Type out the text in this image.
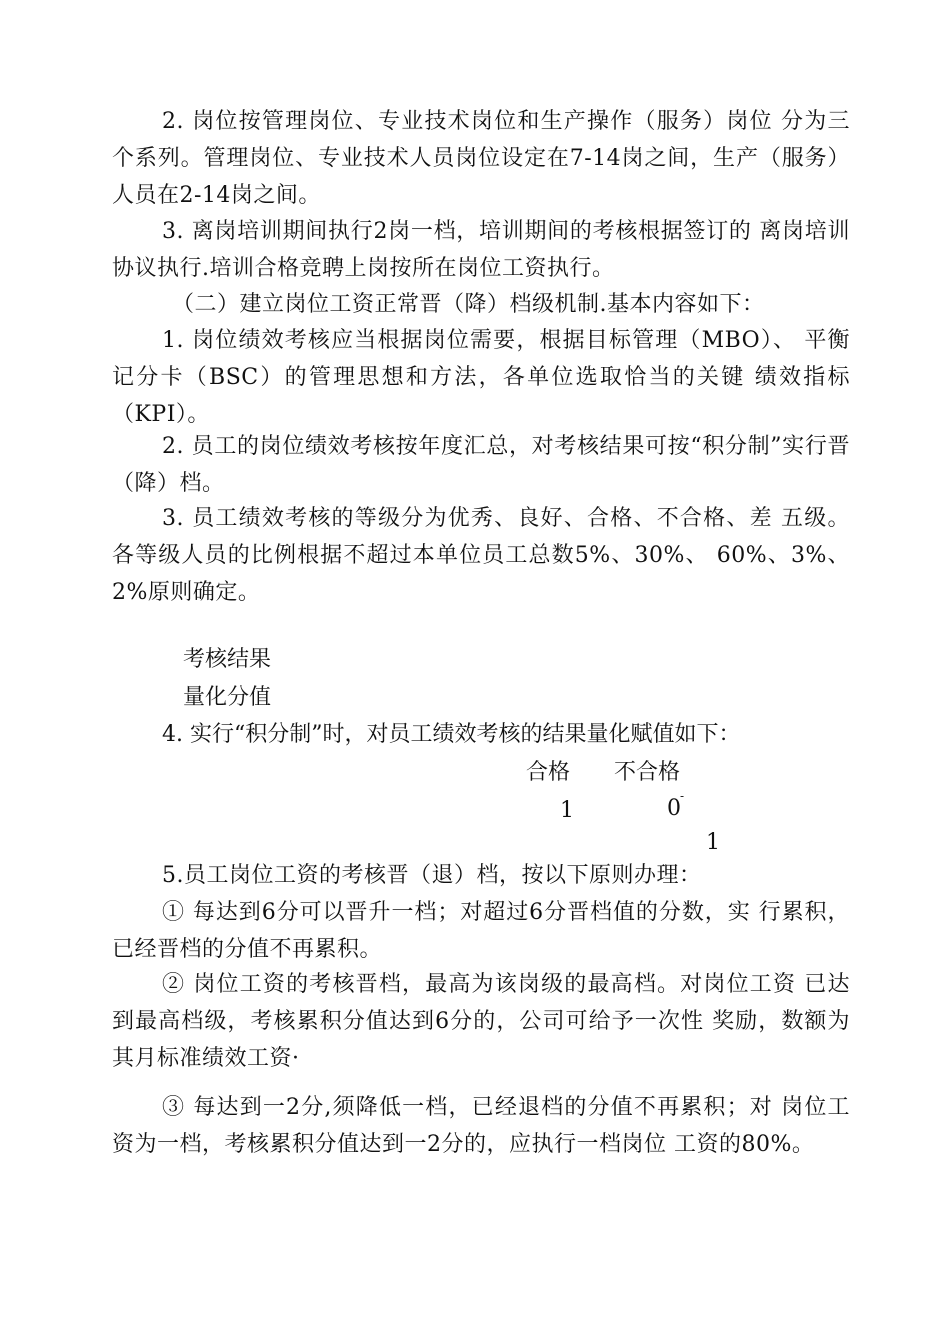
2. 岗位按管理岗位、专业技术岗位和生产操作（服务）岗位 分为三个系列。管理岗位、专业技术人员岗位设定在7-14岗之间，生产（服务）人员在2-14岗之间。

3. 离岗培训期间执行2岗一档，培训期间的考核根据签订的 离岗培训协议执行.培训合格竞聘上岗按所在岗位工资执行。

（二）建立岗位工资正常晋（降）档级机制.基本内容如下：

1. 岗位绩效考核应当根据岗位需要，根据目标管理（MBO）、 平衡记分卡（BSC）的管理思想和方法，各单位选取恰当的关键 绩效指标（KPI）。

2. 员工的岗位绩效考核按年度汇总，对考核结果可按“积分制”实行晋（降）档。

3. 员工绩效考核的等级分为优秀、良好、合格、不合格、差 五级。各等级人员的比例根据不超过本单位员工总数5%、30%、 60%、3%、2%原则确定。

考核结果
量化分值
4. 实行“积分制”时，对员工绩效考核的结果量化赋值如下：
合格 不合格
1	0 -
1

5.员工岗位工资的考核晋（退）档，按以下原则办理：

① 每达到6分可以晋升一档；对超过6分晋档值的分数，实 行累积，已经晋档的分值不再累积。

② 岗位工资的考核晋档，最高为该岗级的最高档。对岗位工资 已达到最高档级，考核累积分值达到6分的，公司可给予一次性 奖励，数额为其月标准绩效工资·

③ 每达到一2分,须降低一档，已经退档的分值不再累积；对 岗位工资为一档，考核累积分值达到一2分的，应执行一档岗位 工资的80%。
